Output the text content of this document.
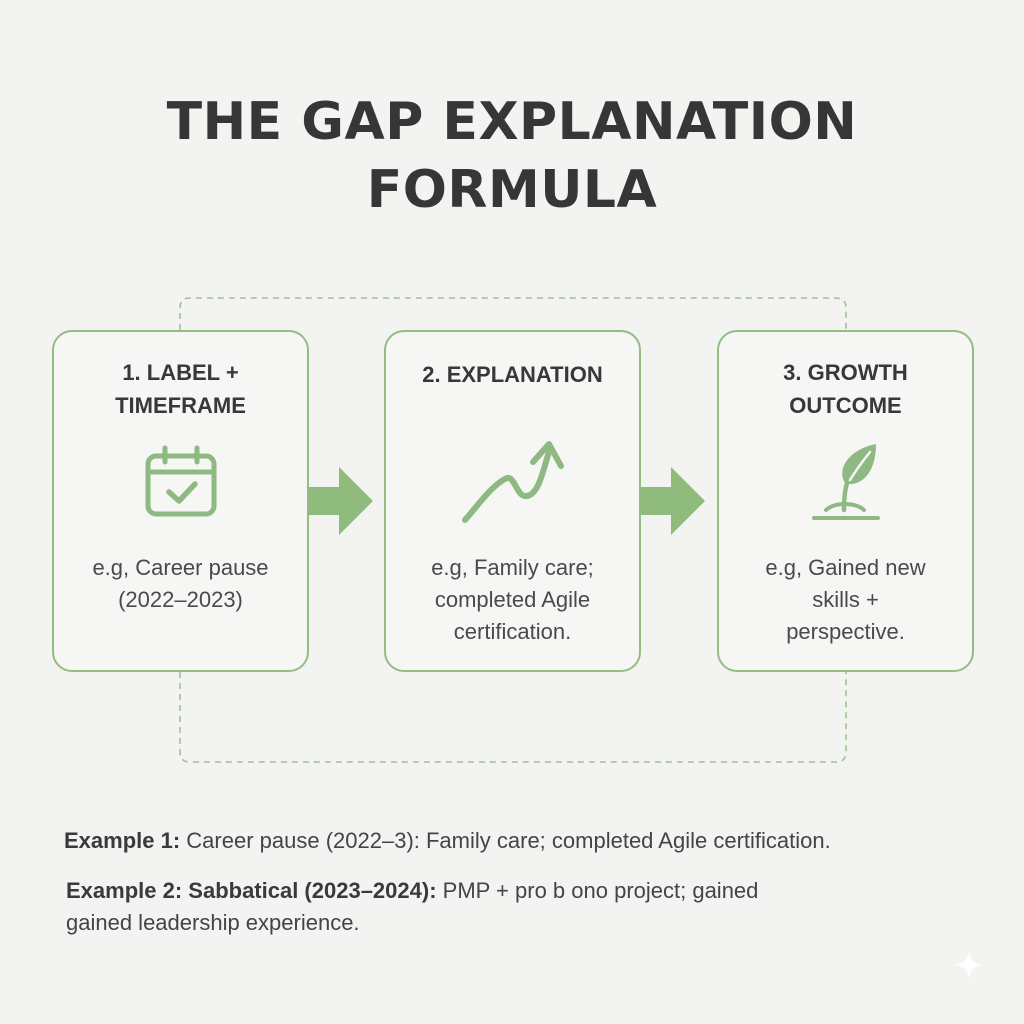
THE GAP EXPLANATION
FORMULA
1. LABEL +
TIMEFRAME
e.g, Career pause
(2022–2023)
2. EXPLANATION
e.g, Family care;
completed Agile
certification.
3. GROWTH
OUTCOME
e.g, Gained new
skills +
perspective.
Example 1: Career pause (2022–3): Family care; completed Agile certification.
Example 2: Sabbatical (2023–2024): PMP + pro b ono project; gained
gained leadership experience.
